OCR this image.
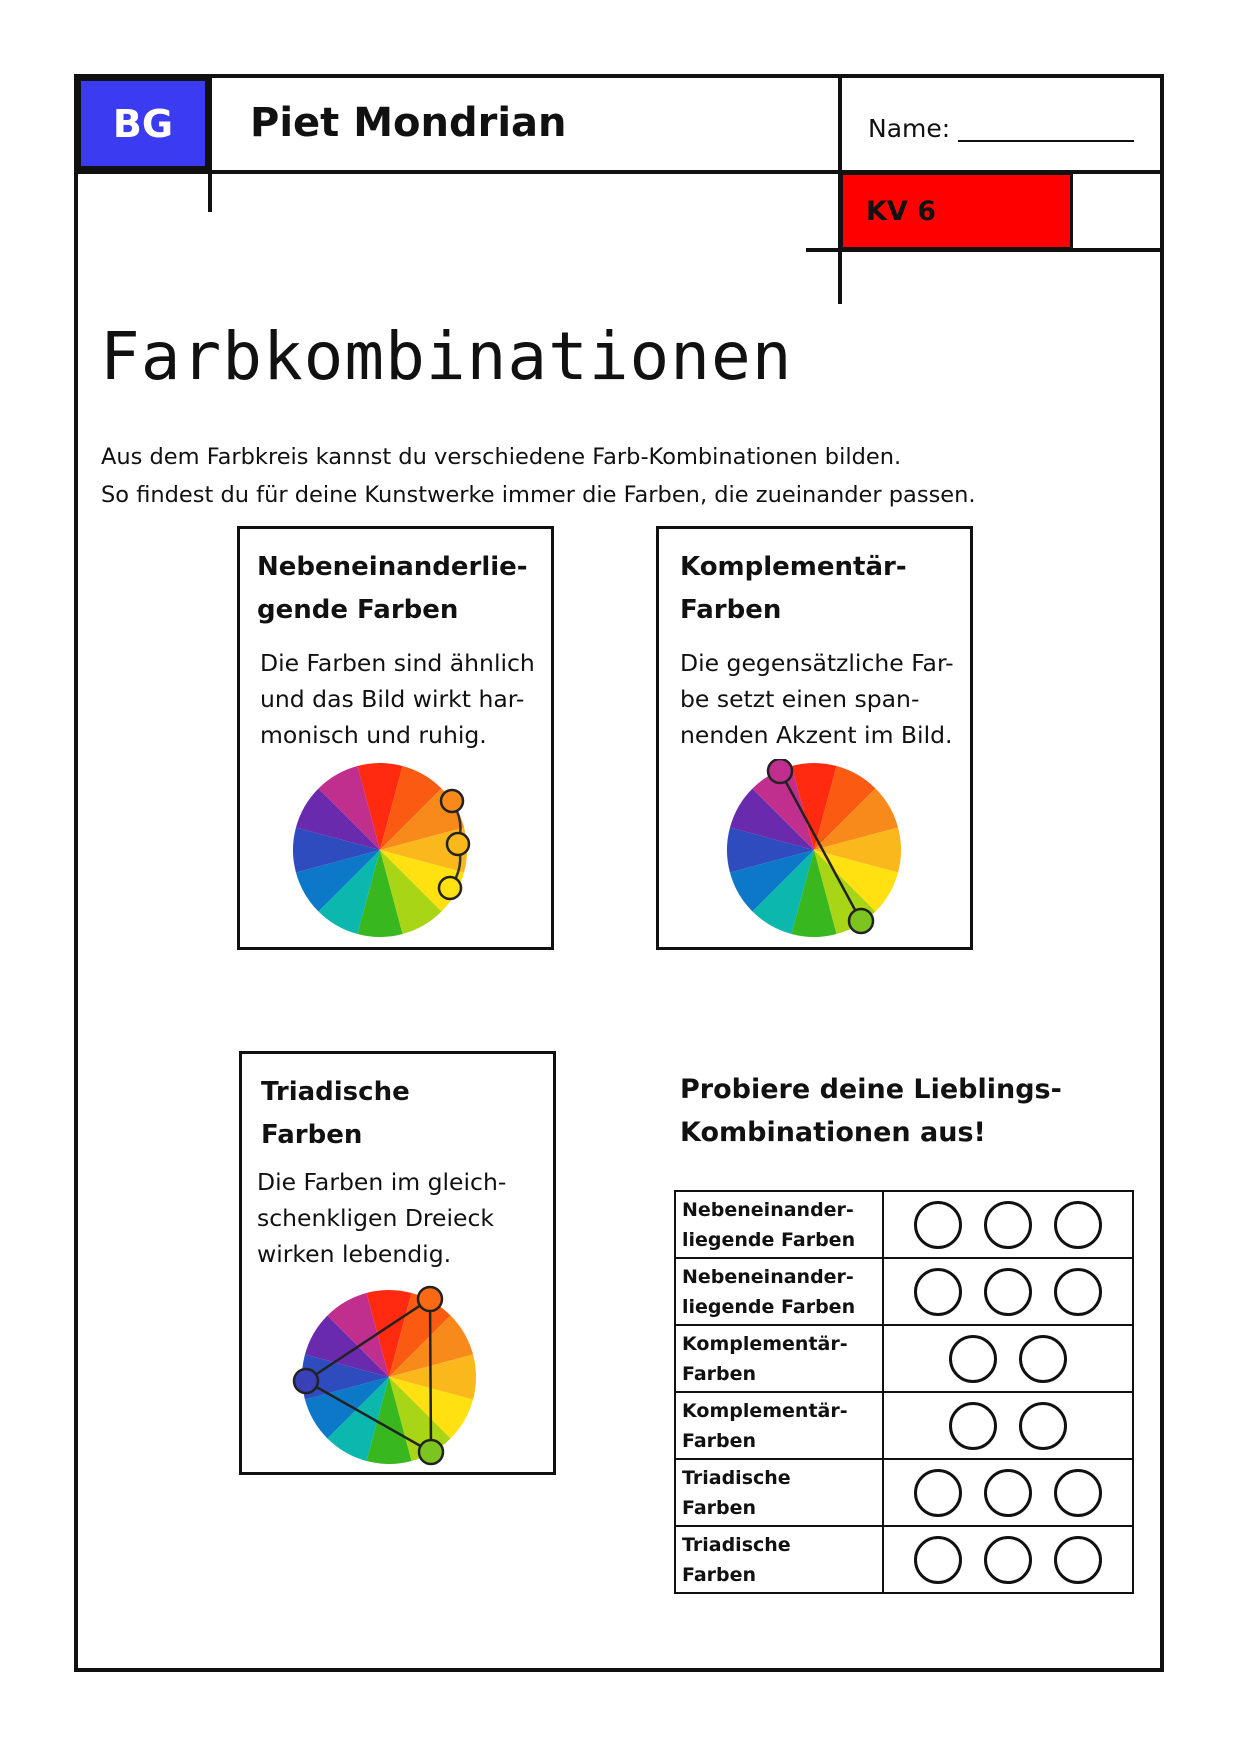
BG	Piet Mondrian	Name:
KV 6
Farbkombinationen
Aus dem Farbkreis kannst du verschiedene Farb-Kombinationen bilden.
So findest du für deine Kunstwerke immer die Farben, die zueinander passen.
Nebeneinanderlie-
gende Farben
Die Farben sind ähnlich
und das Bild wirkt har-
monisch und ruhig.
Komplementär-
Farben
Die gegensätzliche Far-
be setzt einen span-
nenden Akzent im Bild.
Triadische
Farben
Die Farben im gleich-
schenkligen Dreieck
wirken lebendig.
Probiere deine Lieblings-
Kombinationen aus!
Nebeneinander-
liegende Farben	

Nebeneinander-
liegende Farben	

Komplementär-
Farben	

Komplementär-
Farben	

Triadische
Farben	

Triadische
Farben	
